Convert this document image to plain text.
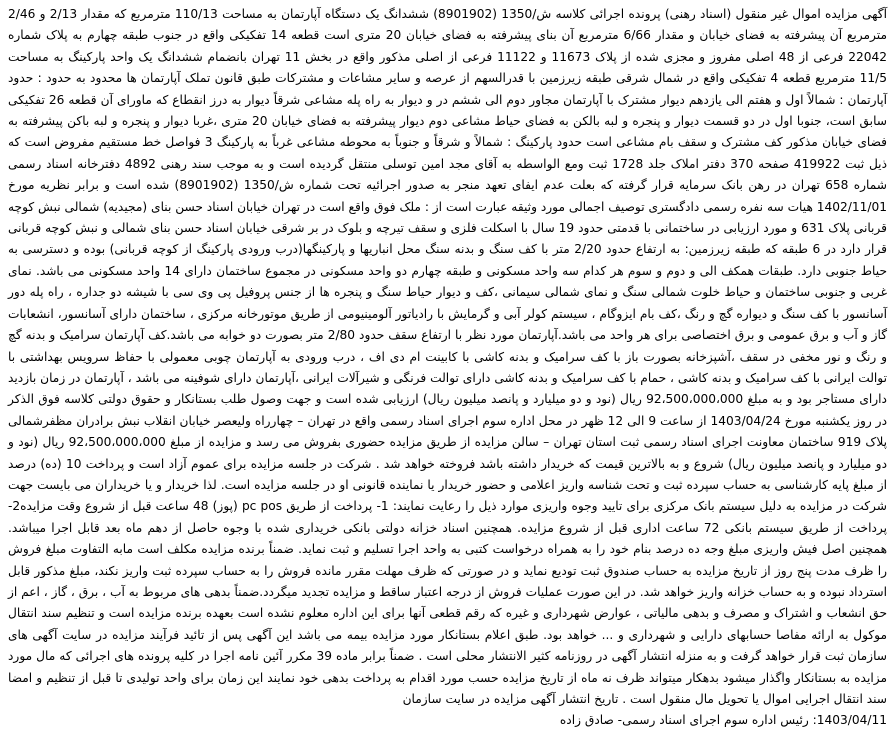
آگهی مزایده اموال غیر منقول (اسناد رهنی) پرونده اجرائی کلاسه ش/1350 (8901902) ششدانگ یک دستگاه آپارتمان به مساحت 110/13 مترمربع که مقدار 2/13 و 2/46 مترمربع آن پیشرفته به فضای خیابان و مقدار 6/66 مترمربع آن بنای پیشرفته به فضای خیابان 20 متری است قطعه 14 تفکیکی واقع در جنوب طبقه چهارم به پلاک شماره 22042 فرعی از 48 اصلی مفروز و مجزی شده از پلاک 11673 و 11122 فرعی از اصلی مذکور واقع در بخش 11 تهران بانضمام ششدانگ یک واحد پارکینگ به مساحت 11/5 مترمربع قطعه 4 تفکیکی واقع در شمال شرقی طبقه زیرزمین با قدرالسهم از عرصه و سایر مشاعات و مشترکات طبق قانون تملک آپارتمان ها محدود به حدود : حدود آپارتمان : شمالاً اول و هفتم الی یازدهم دیوار مشترک با آپارتمان مجاور دوم الی ششم در و دیوار به راه پله مشاعی شرقاً دیوار به درز انقطاع که ماورای آن قطعه 26 تفکیکی سابق است، جنوبا اول در دو قسمت دیوار و پنجره و لبه بالکن به فضای حیاط مشاعی دوم دیوار پیشرفته به فضای خیابان 20 متری ،غربا دیوار و پنجره و لبه باکن پیشرفته به فضای خیابان مذکور کف مشترک و سقف بام مشاعی است حدود پارکینگ : شمالاً و شرقاً و جنوباً به محوطه مشاعی غرباً به پارکینگ 3 فواصل خط مستقیم مفروض است که ذیل ثبت 419922 صفحه 370 دفتر املاک جلد 1728 ثبت ومع الواسطه به آقای مجد امین توسلی منتقل گردیده است و به موجب سند رهنی 4892 دفترخانه اسناد رسمی شماره 658 تهران در رهن بانک سرمایه قرار گرفته که بعلت عدم ایفای تعهد منجر به صدور اجرائیه تحت شماره ش/1350 (8901902) شده است و برابر نظریه مورخ 1402/11/01 هیات سه نفره رسمی دادگستری توصیف اجمالی مورد وثیقه عبارت است از : ملک فوق واقع است در تهران خیابان اسناد حسن بنای (مجیدیه) شمالی نبش کوچه قربانی پلاک 631 و مورد ارزیابی در ساختمانی با قدمتی حدود 19 سال با اسکلت فلزی و سقف تیرچه و بلوک در بر شرقی خیابان اسناد حسن بنای شمالی و نبش کوچه قربانی قرار دارد در 6 طبقه که طبقه زیرزمین: به ارتفاع حدود 2/20 متر با کف سنگ و بدنه سنگ محل انباریها و پارکینگها(درب ورودی پارکینگ از کوچه قربانی) بوده و دسترسی به حیاط جنوبی دارد. طبقات همکف الی و دوم و سوم هر کدام سه واحد مسکونی و طبقه چهارم دو واحد مسکونی در مجموع ساختمان دارای 14 واحد مسکونی می باشد. نمای غربی و جنوبی ساختمان و حیاط خلوت شمالی سنگ و نمای شمالی سیمانی ،کف و دیوار حیاط سنگ و پنجره ها از جنس پروفیل پی وی سی با شیشه دو جداره ، راه پله دور آسانسور با کف سنگ و دیواره گچ و رنگ ،کف بام ایزوگام ، سیستم کولر آبی و گرمایش با رادیاتور آلومینیومی از طریق موتورخانه مرکزی ، ساختمان دارای آسانسور، انشعابات گاز و آب و برق عمومی و برق اختصاصی برای هر واحد می باشد.آپارتمان مورد نظر با ارتفاع سقف حدود 2/80 متر بصورت دو خوابه می باشد.کف آپارتمان سرامیک و بدنه گچ و رنگ و نور مخفی در سقف ،آشپزخانه بصورت باز با کف سرامیک و بدنه کاشی با کابینت ام دی اف ، درب ورودی به آپارتمان چوبی معمولی با حفاظ سرویس بهداشتی با توالت ایرانی با کف سرامیک و بدنه کاشی ، حمام با کف سرامیک و بدنه کاشی دارای توالت فرنگی و شیرآلات ایرانی ،آپارتمان دارای شوفینه می باشد ، آپارتمان در زمان بازدید دارای مستاجر بود و به مبلغ 92،500،000،000 ریال (نود و دو میلیارد و پانصد میلیون ریال) ارزیابی شده است و جهت وصول طلب بستانکار و حقوق دولتی کلاسه فوق الذکر در روز یکشنبه مورخ 1403/04/24 از ساعت 9 الی 12 ظهر در محل اداره سوم اجرای اسناد رسمی واقع در تهران – چهارراه ولیعصر خیابان انقلاب نبش برادران مظفرشمالی پلاک 919 ساختمان معاونت اجرای اسناد رسمی ثبت استان تهران – سالن مزایده از طریق مزایده حضوری بفروش می رسد و مزایده از مبلغ 92،500،000،000 ریال (نود و دو میلیارد و پانصد میلیون ریال) شروع و به بالاترین قیمت که خریدار داشته باشد فروخته خواهد شد . شرکت در جلسه مزایده برای عموم آزاد است و پرداخت 10 (ده) درصد از مبلغ پایه کارشناسی به حساب سپرده ثبت و تحت شناسه واریز اعلامی و حضور خریدار یا نماینده قانونی او در جلسه مزایده است. لذا خریدار و یا خریداران می بایست جهت شرکت در مزایده به دلیل سیستم بانک مرکزی برای تایید وجوه واریزی موارد ذیل را رعایت نمایند: 1- پرداخت از طریق pc pos (پوز) 48 ساعت قبل از شروع وقت مزایده2- پرداخت از طریق سیستم بانکی 72 ساعت اداری قبل از شروع مزایده. همچنین اسناد خزانه دولتی بانکی خریداری شده با وجوه حاصل از دهم ماه بعد قابل اجرا میباشد. همچنین اصل فیش واریزی مبلغ وجه ده درصد بنام خود را به همراه درخواست کتبی به واحد اجرا تسلیم و ثبت نماید. ضمناً برنده مزایده مکلف است مابه التفاوت مبلغ فروش را ظرف مدت پنج روز از تاریخ مزایده به حساب صندوق ثبت تودیع نماید و در صورتی که ظرف مهلت مقرر مانده فروش را به حساب سپرده ثبت واریز نکند، مبلغ مذکور قابل استرداد نبوده و به حساب خزانه واریز خواهد شد. در این صورت عملیات فروش از درجه اعتبار ساقط و مزایده تجدید میگردد.ضمناً بدهی های مربوط به آب ، برق ، گاز ، اعم از حق انشعاب و اشتراک و مصرف و بدهی مالیاتی ، عوارض شهرداری و غیره که رقم قطعی آنها برای این اداره معلوم نشده است بعهده برنده مزایده است و تنظیم سند انتقال موکول به ارائه مفاصا حسابهای دارایی و شهرداری و ... خواهد بود. طبق اعلام بستانکار مورد مزایده بیمه می باشد این آگهی پس از تائید فرآیند مزایده در سایت آگهی های سازمان ثبت قرار خواهد گرفت و به منزله انتشار آگهی در روزنامه کثیر الانتشار محلی است . ضمناً برابر ماده 39 مکرر آئین نامه اجرا در کلیه پرونده های اجرائی که مال مورد مزایده به بستانکار واگذار میشود بدهکار میتواند ظرف نه ماه از تاریخ مزایده حسب مورد اقدام به پرداخت بدهی خود نمایند این زمان برای واحد تولیدی تا قبل از تنظیم و امضا سند انتقال اجرایی اموال یا تحویل مال منقول است . تاریخ انتشار آگهی مزایده در سایت سازمان

1403/04/11: رئیس اداره سوم اجرای اسناد رسمی- صادق زاده
